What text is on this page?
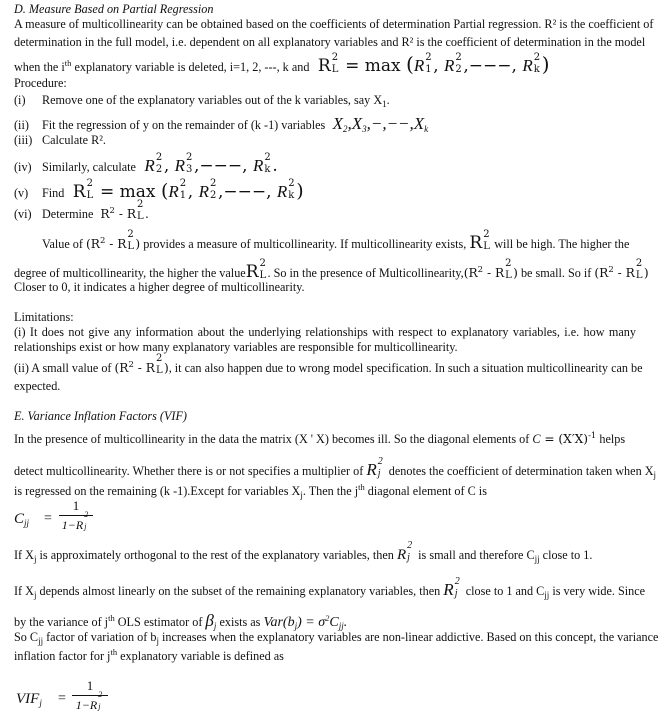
D. Measure Based on Partial Regression
A measure of multicollinearity can be obtained based on the coefficients of determination Partial regression. R² is the coefficient of
determination in the full model, i.e. dependent on all explanatory variables and R² is the coefficient of determination in the model
when the $i^{th}$ explanatory variable is deleted, i=1, 2, ---, k and  R 2
L = max (R 2
1 , R 2
2 ,−−−, R 2
k )
Procedure:
(i) Remove one of the explanatory variables out of the k variables, say $X_1$.
(ii) Fit the regression of y on the remainder of (k -1) variables  $X_2,X_3,-,--,X_k$
(iii) Calculate R².
(iv) Similarly, calculate R 2
2 , R 2
3 ,−−−, R 2
k .
(v) Find  R 2
L = max (R 2
1 , R 2
2 ,−−−, R 2
k )
(vi) Determine  $R^2$ - R
2
L .
Value of ($R^2$ - R
2
L ) provides a measure of multicollinearity. If multicollinearity exists, R 2
L will be high. The higher the
degree of multicollinearity, the higher the valueR 2
L . So in the presence of $Multicollinearity,(R^2$ - R
2
L ) be small. So if ($R^2$ - R
2
L )
Closer to 0, it indicates a higher degree of multicollinearity.
Limitations:
(i) It does not give any information about the underlying relationships with respect to explanatory variables, i.e. how many
relationships exist or how many explanatory variables are responsible for multicollinearity.
(ii) A small value of ($R^2$ - R
2
L ), it can also happen due to wrong model specification. In such a situation multicollinearity can be
expected.
E. Variance Inflation Factors (VIF)
In the presence of multicollinearity in the data the matrix (X ' X) becomes ill. So the diagonal elements of $C = (X'X)^{-1}$ helps
detect multicollinearity. Whether there is or not specifies a multiplier of R 2
j denotes the coefficient of determination taken when $X_j$
is regressed on the remaining (k -1).Except for variables $X_j$. Then the $j^{th}$ diagonal element of C is
$C_{jj}$ =
1
1−R
2
j
If $X_j$ is approximately orthogonal to the rest of the explanatory variables, then R
2
j is small and therefore $C_{jj}$ close to 1.
If $X_j$ depends almost linearly on the subset of the remaining explanatory variables, then R 2
j close to 1 and $C_{jj}$ is very wide. Since
by the variance of $j^{th}$ OLS estimator of $\beta_j$ exists as $Var(b_j) = \sigma^2C_{jj}$.
So $C_{jj}$ factor of variation of $b_j$ increases when the explanatory variables are non-linear addictive. Based on this concept, the variance
inflation factor for $j^{th}$ explanatory variable is defined as
$VIF_j$ =
1
1−R
2
j
